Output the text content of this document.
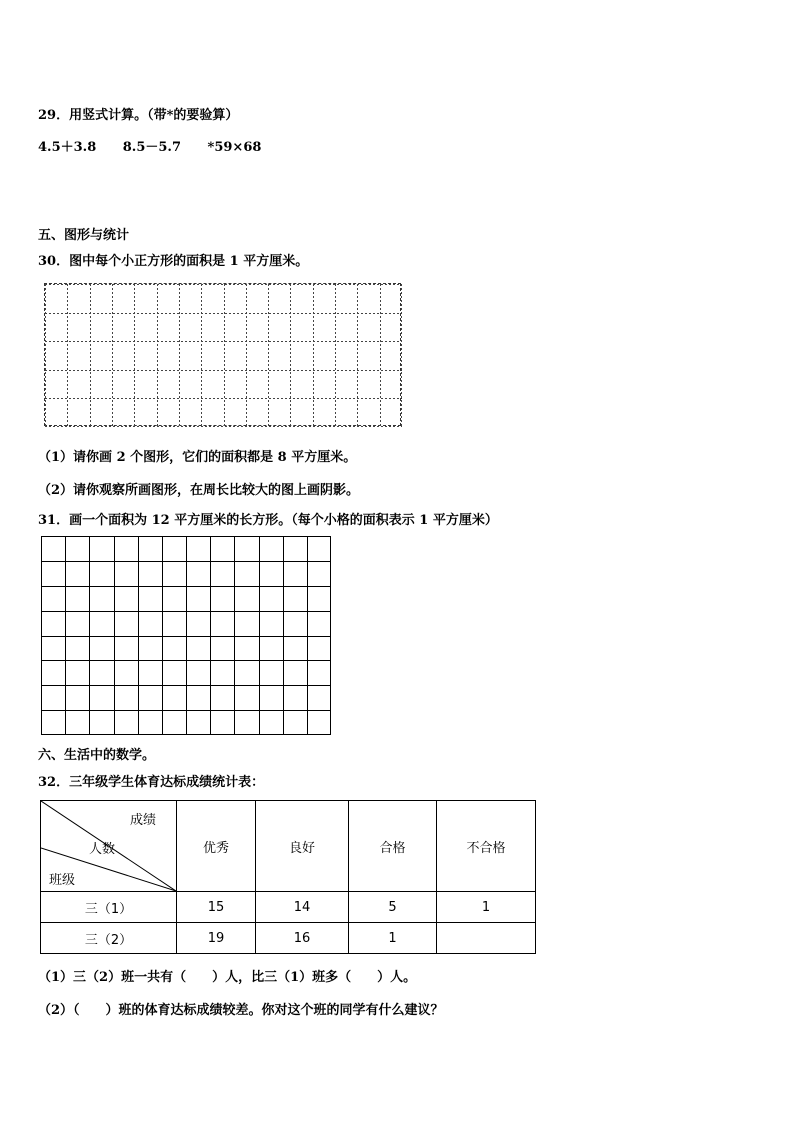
29．用竖式计算。（带*的要验算）
4.5＋3.8 8.5－5.7 *59×68
五、图形与统计
30．图中每个小正方形的面积是 1 平方厘米。
（1）请你画 2 个图形，它们的面积都是 8 平方厘米。
（2）请你观察所画图形，在周长比较大的图上画阴影。
31．画一个面积为 12 平方厘米的长方形。（每个小格的面积表示 1 平方厘米）
六、生活中的数学。
32．三年级学生体育达标成绩统计表：
成绩
人数
班级	优秀	良好	合格	不合格
三（1）	15	14	5	1
三（2）	19	16	1	
（1）三（2）班一共有（　　）人，比三（1）班多（　　）人。
（2）（　　）班的体育达标成绩较差。你对这个班的同学有什么建议？
